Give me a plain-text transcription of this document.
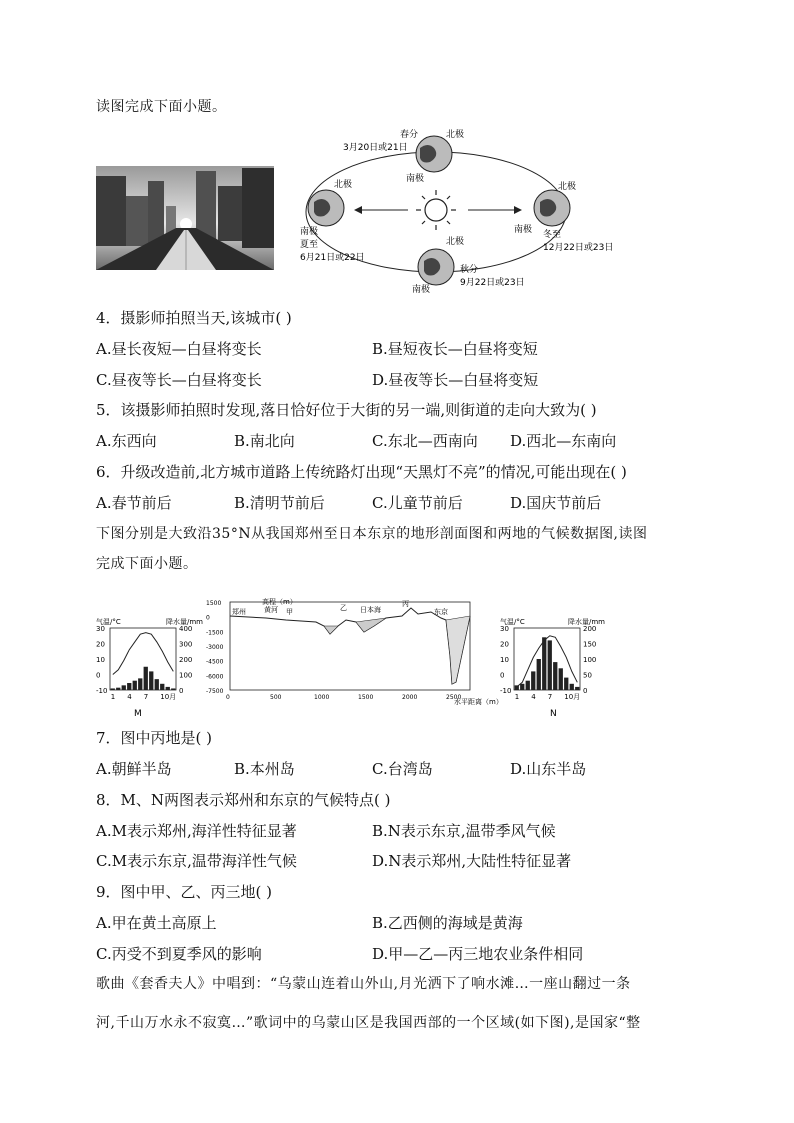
读图完成下面小题。
春分
3月20日或21日
北极
南极
北极
南极
夏至
6月21日或22日
北极
南极 冬至
12月22日或23日
北极
秋分
9月22日或23日
南极
4．摄影师拍照当天,该城市( )
A.昼长夜短—白昼将变长	B.昼短夜长—白昼将变短
C.昼夜等长—白昼将变长	D.昼夜等长—白昼将变短
5．该摄影师拍照时发现,落日恰好位于大街的另一端,则街道的走向大致为( )
A.东西向	B.南北向	C.东北—西南向 D.西北—东南向
6．升级改造前,北方城市道路上传统路灯出现“天黑灯不亮”的情况,可能出现在( )
A.春节前后	B.清明节前后	C.儿童节前后	D.国庆节前后
下图分别是大致沿35°N从我国郑州至日本东京的地形剖面图和两地的气候数据图,读图
完成下面小题。
气温/°C	降水量/mm
30
20
10
0
-10
400
300
200
100
0
1 4 7 10月
M
高程（m）
1500
0
-1500
-3000
-4500
-6000
-7500
郑州	黄河 甲	乙 日本海
丙
东京
0	500	1000	1500	2000	2500
水平距离（m）
气温/°C	降水量/mm
30
20
10
0
-10
200
150
100
50
0
1 4 7 10月
N
7．图中丙地是( )
A.朝鲜半岛	B.本州岛	C.台湾岛	D.山东半岛
8．M、N两图表示郑州和东京的气候特点( )
A.M表示郑州,海洋性特征显著	B.N表示东京,温带季风气候
C.M表示东京,温带海洋性气候	D.N表示郑州,大陆性特征显著
9．图中甲、乙、丙三地( )
A.甲在黄土高原上	B.乙西侧的海域是黄海
C.丙受不到夏季风的影响	D.甲—乙—丙三地农业条件相同
歌曲《套香夫人》中唱到：“乌蒙山连着山外山,月光洒下了响水滩…一座山翻过一条
河,千山万水永不寂寞…”歌词中的乌蒙山区是我国西部的一个区域(如下图),是国家“整
